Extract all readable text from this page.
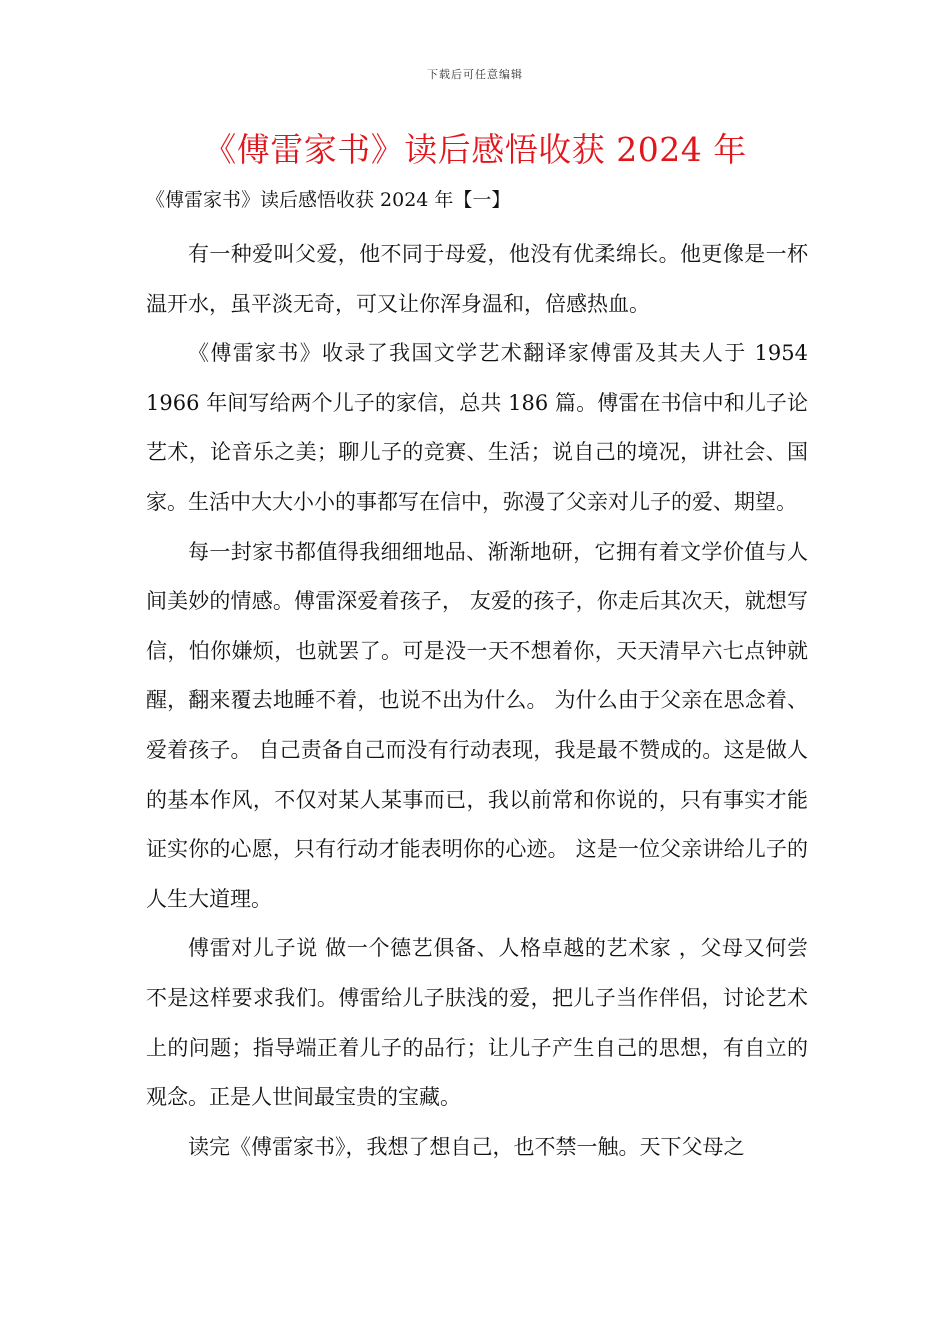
下载后可任意编辑
《傅雷家书》读后感悟收获 2024 年
《傅雷家书》读后感悟收获 2024 年【一】

有一种爱叫父爱，他不同于母爱，他没有优柔绵长。他更像是一杯温开水，虽平淡无奇，可又让你浑身温和，倍感热血。

《傅雷家书》收录了我国文学艺术翻译家傅雷及其夫人于 1954 1966 年间写给两个儿子的家信，总共 186 篇。傅雷在书信中和儿子论艺术，论音乐之美；聊儿子的竞赛、生活；说自己的境况，讲社会、国家。生活中大大小小的事都写在信中，弥漫了父亲对儿子的爱、期望。

每一封家书都值得我细细地品、渐渐地研，它拥有着文学价值与人间美妙的情感。傅雷深爱着孩子， 友爱的孩子，你走后其次天，就想写信，怕你嫌烦，也就罢了。可是没一天不想着你，天天清早六七点钟就醒，翻来覆去地睡不着，也说不出为什么。 为什么由于父亲在思念着、爱着孩子。 自己责备自己而没有行动表现，我是最不赞成的。这是做人的基本作风，不仅对某人某事而已，我以前常和你说的，只有事实才能证实你的心愿，只有行动才能表明你的心迹。 这是一位父亲讲给儿子的人生大道理。

傅雷对儿子说 做一个德艺俱备、人格卓越的艺术家 ，父母又何尝不是这样要求我们。傅雷给儿子肤浅的爱，把儿子当作伴侣，讨论艺术上的问题；指导端正着儿子的品行；让儿子产生自己的思想，有自立的观念。正是人世间最宝贵的宝藏。

读完《傅雷家书》，我想了想自己，也不禁一触。天下父母之
